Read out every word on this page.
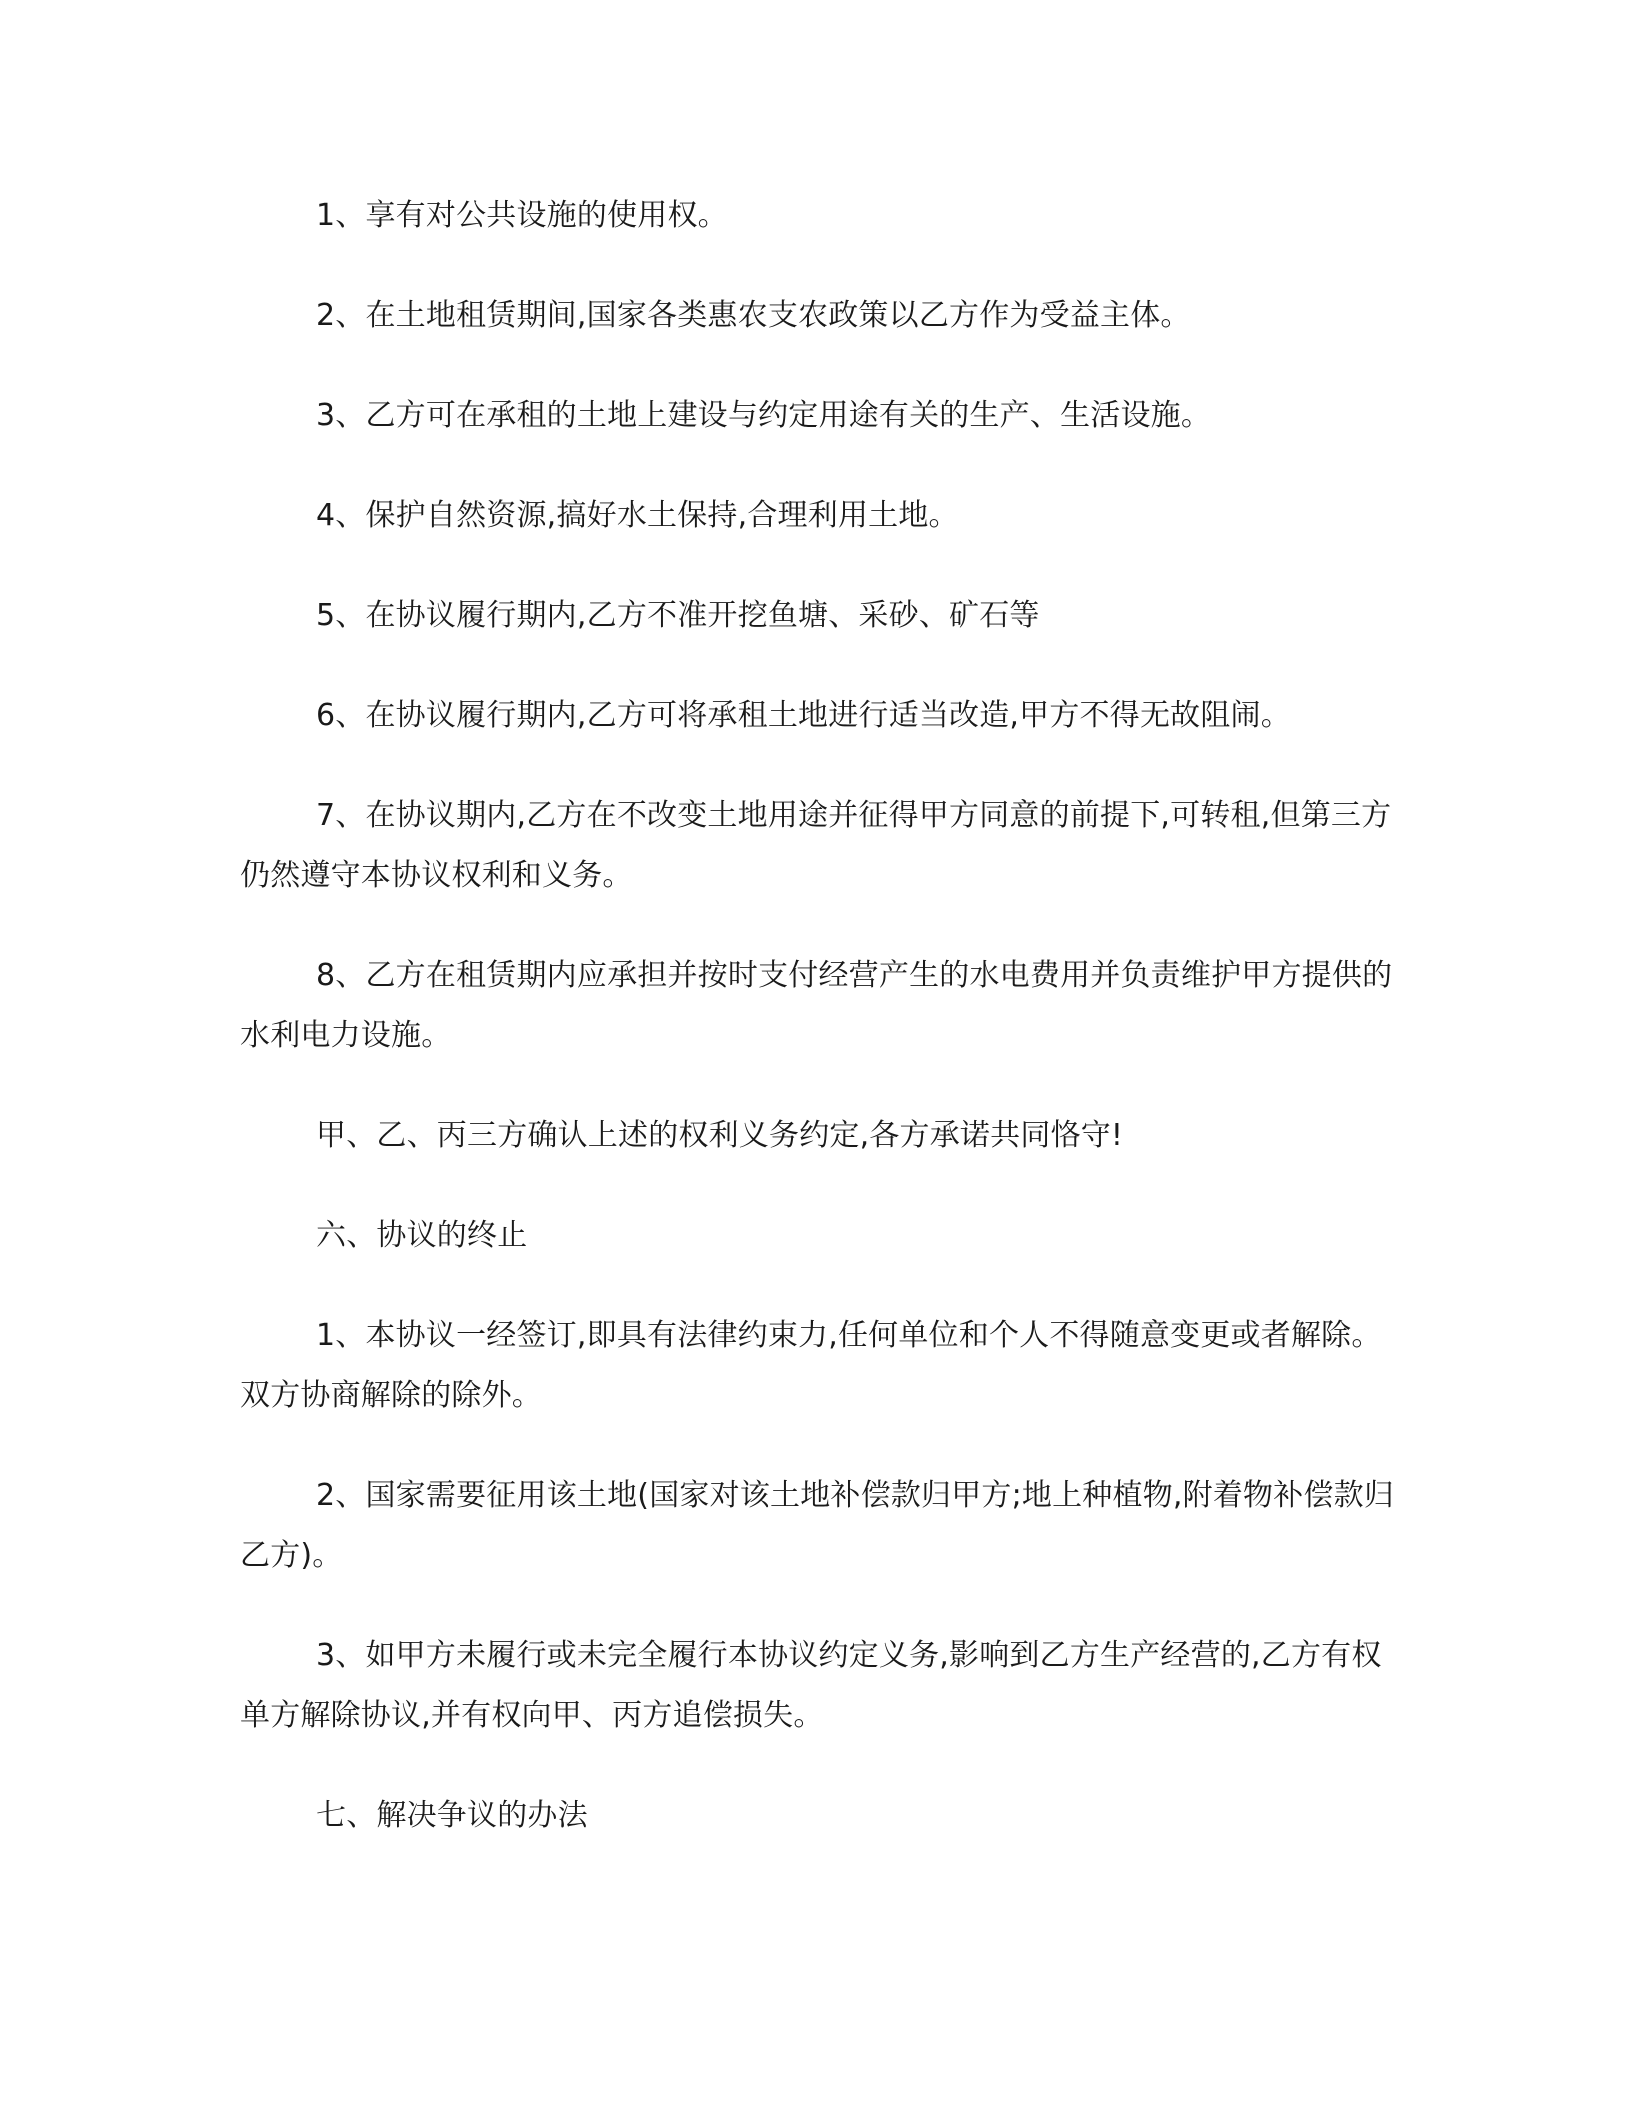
1、享有对公共设施的使用权。

2、在土地租赁期间,国家各类惠农支农政策以乙方作为受益主体。

3、乙方可在承租的土地上建设与约定用途有关的生产、生活设施。

4、保护自然资源,搞好水土保持,合理利用土地。

5、在协议履行期内,乙方不准开挖鱼塘、采砂、矿石等

6、在协议履行期内,乙方可将承租土地进行适当改造,甲方不得无故阻闹。

7、在协议期内,乙方在不改变土地用途并征得甲方同意的前提下,可转租,但第三方仍然遵守本协议权利和义务。

8、乙方在租赁期内应承担并按时支付经营产生的水电费用并负责维护甲方提供的水利电力设施。

甲、乙、丙三方确认上述的权利义务约定,各方承诺共同恪守!

六、协议的终止

1、本协议一经签订,即具有法律约束力,任何单位和个人不得随意变更或者解除。双方协商解除的除外。

2、国家需要征用该土地(国家对该土地补偿款归甲方;地上种植物,附着物补偿款归乙方)。

3、如甲方未履行或未完全履行本协议约定义务,影响到乙方生产经营的,乙方有权单方解除协议,并有权向甲、丙方追偿损失。

七、解决争议的办法
